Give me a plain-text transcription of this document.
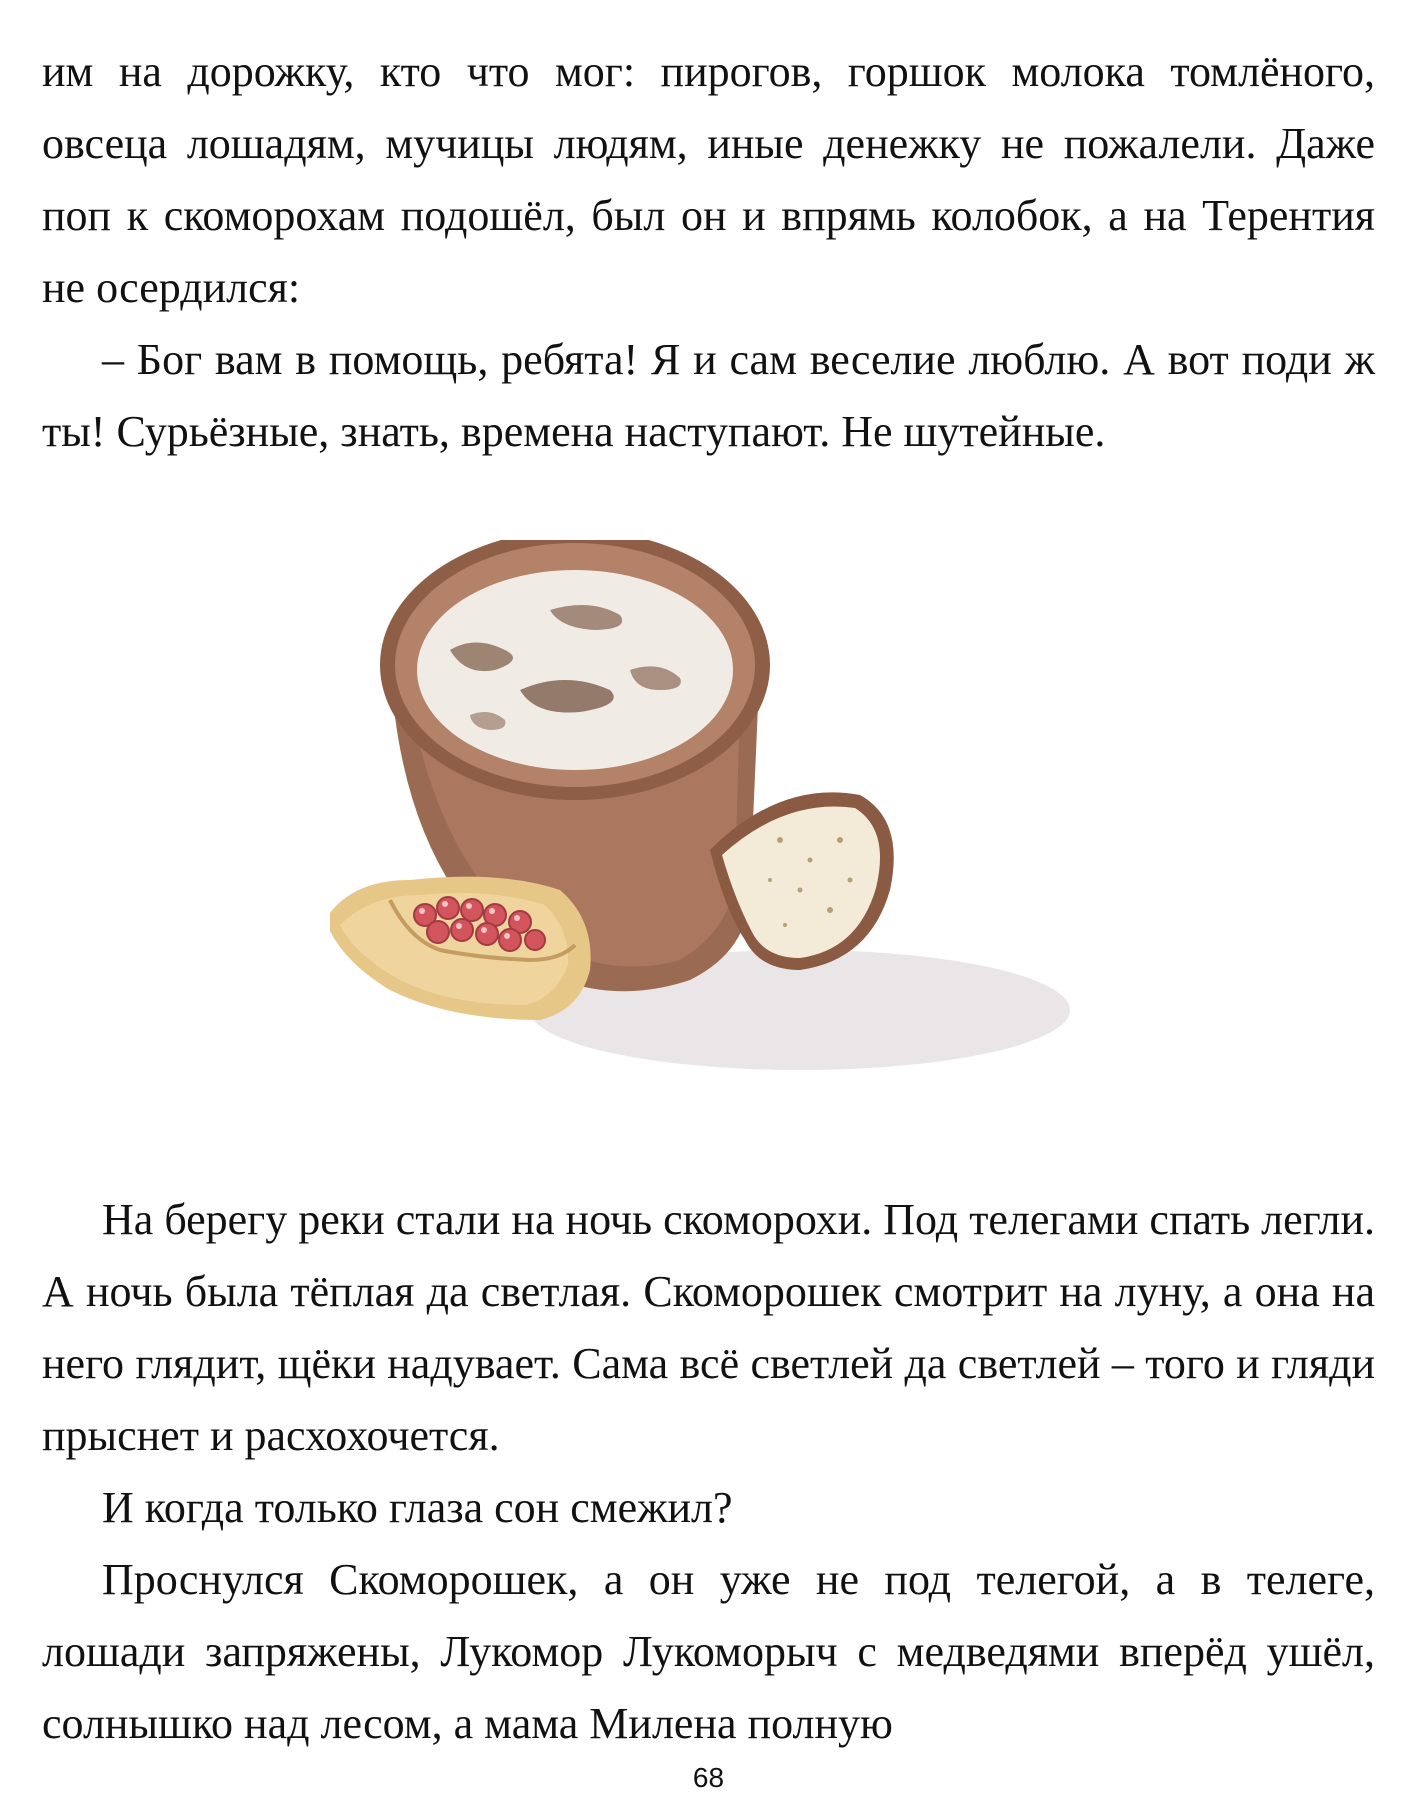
им на дорожку, кто что мог: пирогов, горшок молока томлёного, овсеца лошадям, мучицы людям, иные денежку не пожалели. Даже поп к скоморохам подошёл, был он и впрямь колобок, а на Терентия не осердился:

– Бог вам в помощь, ребята! Я и сам веселие люблю. А вот поди ж ты! Сурьёзные, знать, времена наступают. Не шутейные.

На берегу реки стали на ночь скоморохи. Под телегами спать легли. А ночь была тёплая да светлая. Скоморошек смотрит на луну, а она на него глядит, щёки надувает. Сама всё светлей да светлей – того и гляди прыснет и расхохочется.

И когда только глаза сон смежил?

Проснулся Скоморошек, а он уже не под телегой, а в телеге, лошади запряжены, Лукомор Лукоморыч с медведями вперёд ушёл, солнышко над лесом, а мама Милена полную

68
